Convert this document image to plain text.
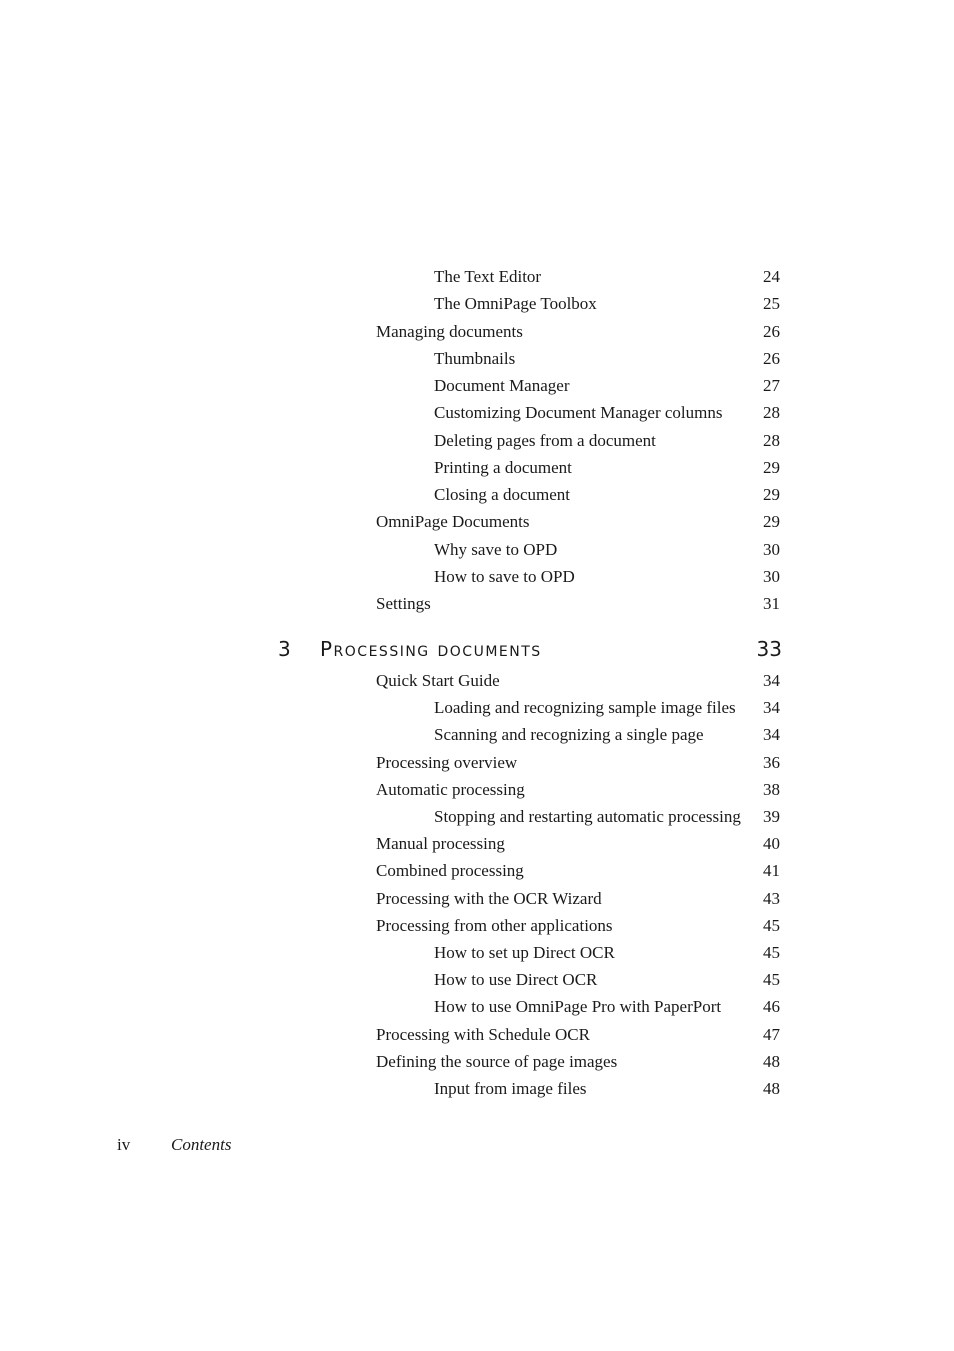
The Text Editor	24
The OmniPage Toolbox	25
Managing documents	26
Thumbnails	26
Document Manager	27
Customizing Document Manager columns	28
Deleting pages from a document	28
Printing a document	29
Closing a document	29
OmniPage Documents	29
Why save to OPD	30
How to save to OPD	30
Settings	31
3 Processing documents	33
Quick Start Guide	34
Loading and recognizing sample image files	34
Scanning and recognizing a single page	34
Processing overview	36
Automatic processing	38
Stopping and restarting automatic processing	39
Manual processing	40
Combined processing	41
Processing with the OCR Wizard	43
Processing from other applications	45
How to set up Direct OCR	45
How to use Direct OCR	45
How to use OmniPage Pro with PaperPort	46
Processing with Schedule OCR	47
Defining the source of page images	48
Input from image files	48
iv Contents
